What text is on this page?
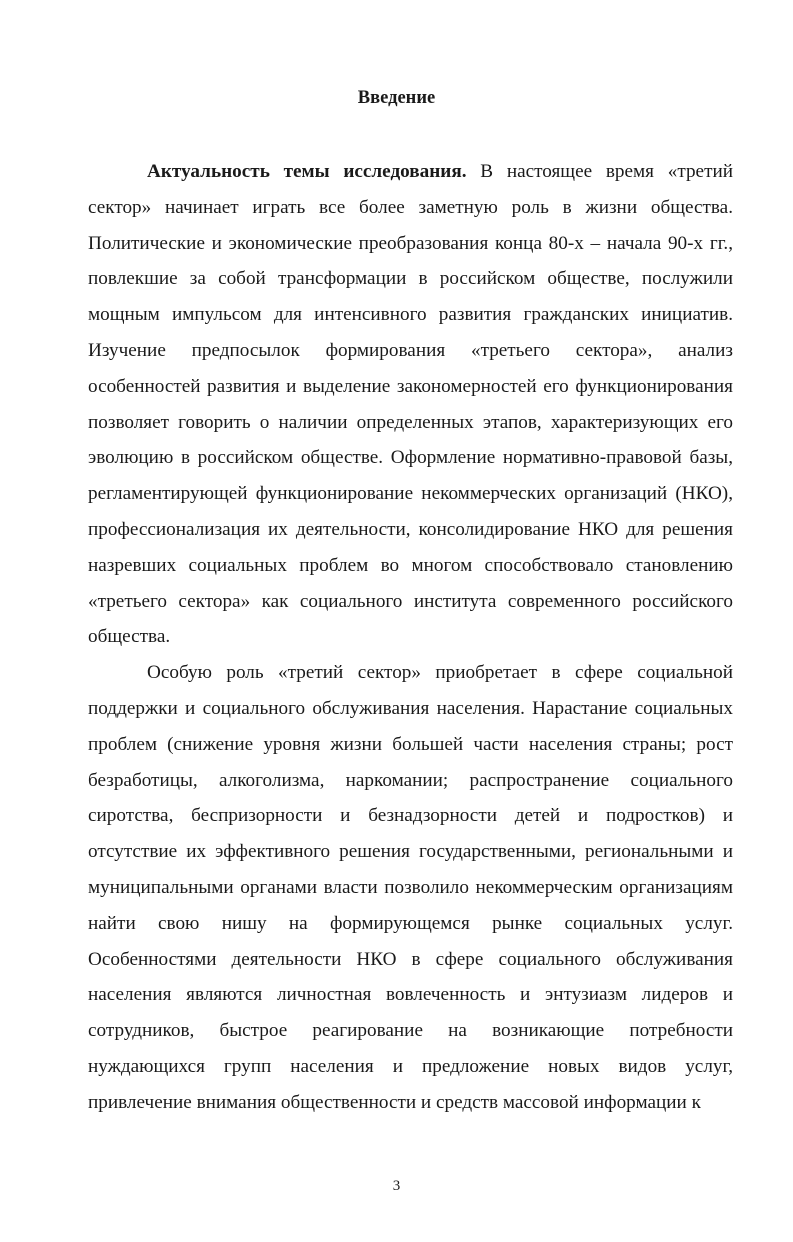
Введение

Актуальность темы исследования. В настоящее время «третий сектор» начинает играть все более заметную роль в жизни общества. Политические и экономические преобразования конца 80-х – начала 90-х гг., повлекшие за собой трансформации в российском обществе, послужили мощным импульсом для интенсивного развития гражданских инициатив. Изучение предпосылок формирования «третьего сектора», анализ особенностей развития и выделение закономерностей его функционирования позволяет говорить о наличии определенных этапов, характеризующих его эволюцию в российском обществе. Оформление нормативно-правовой базы, регламентирующей функционирование некоммерческих организаций (НКО), профессионализация их деятельности, консолидирование НКО для решения назревших социальных проблем во многом способствовало становлению «третьего сектора» как социального института современного российского общества.

Особую роль «третий сектор» приобретает в сфере социальной поддержки и социального обслуживания населения. Нарастание социальных проблем (снижение уровня жизни большей части населения страны; рост безработицы, алкоголизма, наркомании; распространение социального сиротства, беспризорности и безнадзорности детей и подростков) и отсутствие их эффективного решения государственными, региональными и муниципальными органами власти позволило некоммерческим организациям найти свою нишу на формирующемся рынке социальных услуг. Особенностями деятельности НКО в сфере социального обслуживания населения являются личностная вовлеченность и энтузиазм лидеров и сотрудников, быстрое реагирование на возникающие потребности нуждающихся групп населения и предложение новых видов услуг, привлечение внимания общественности и средств массовой информации к

3
